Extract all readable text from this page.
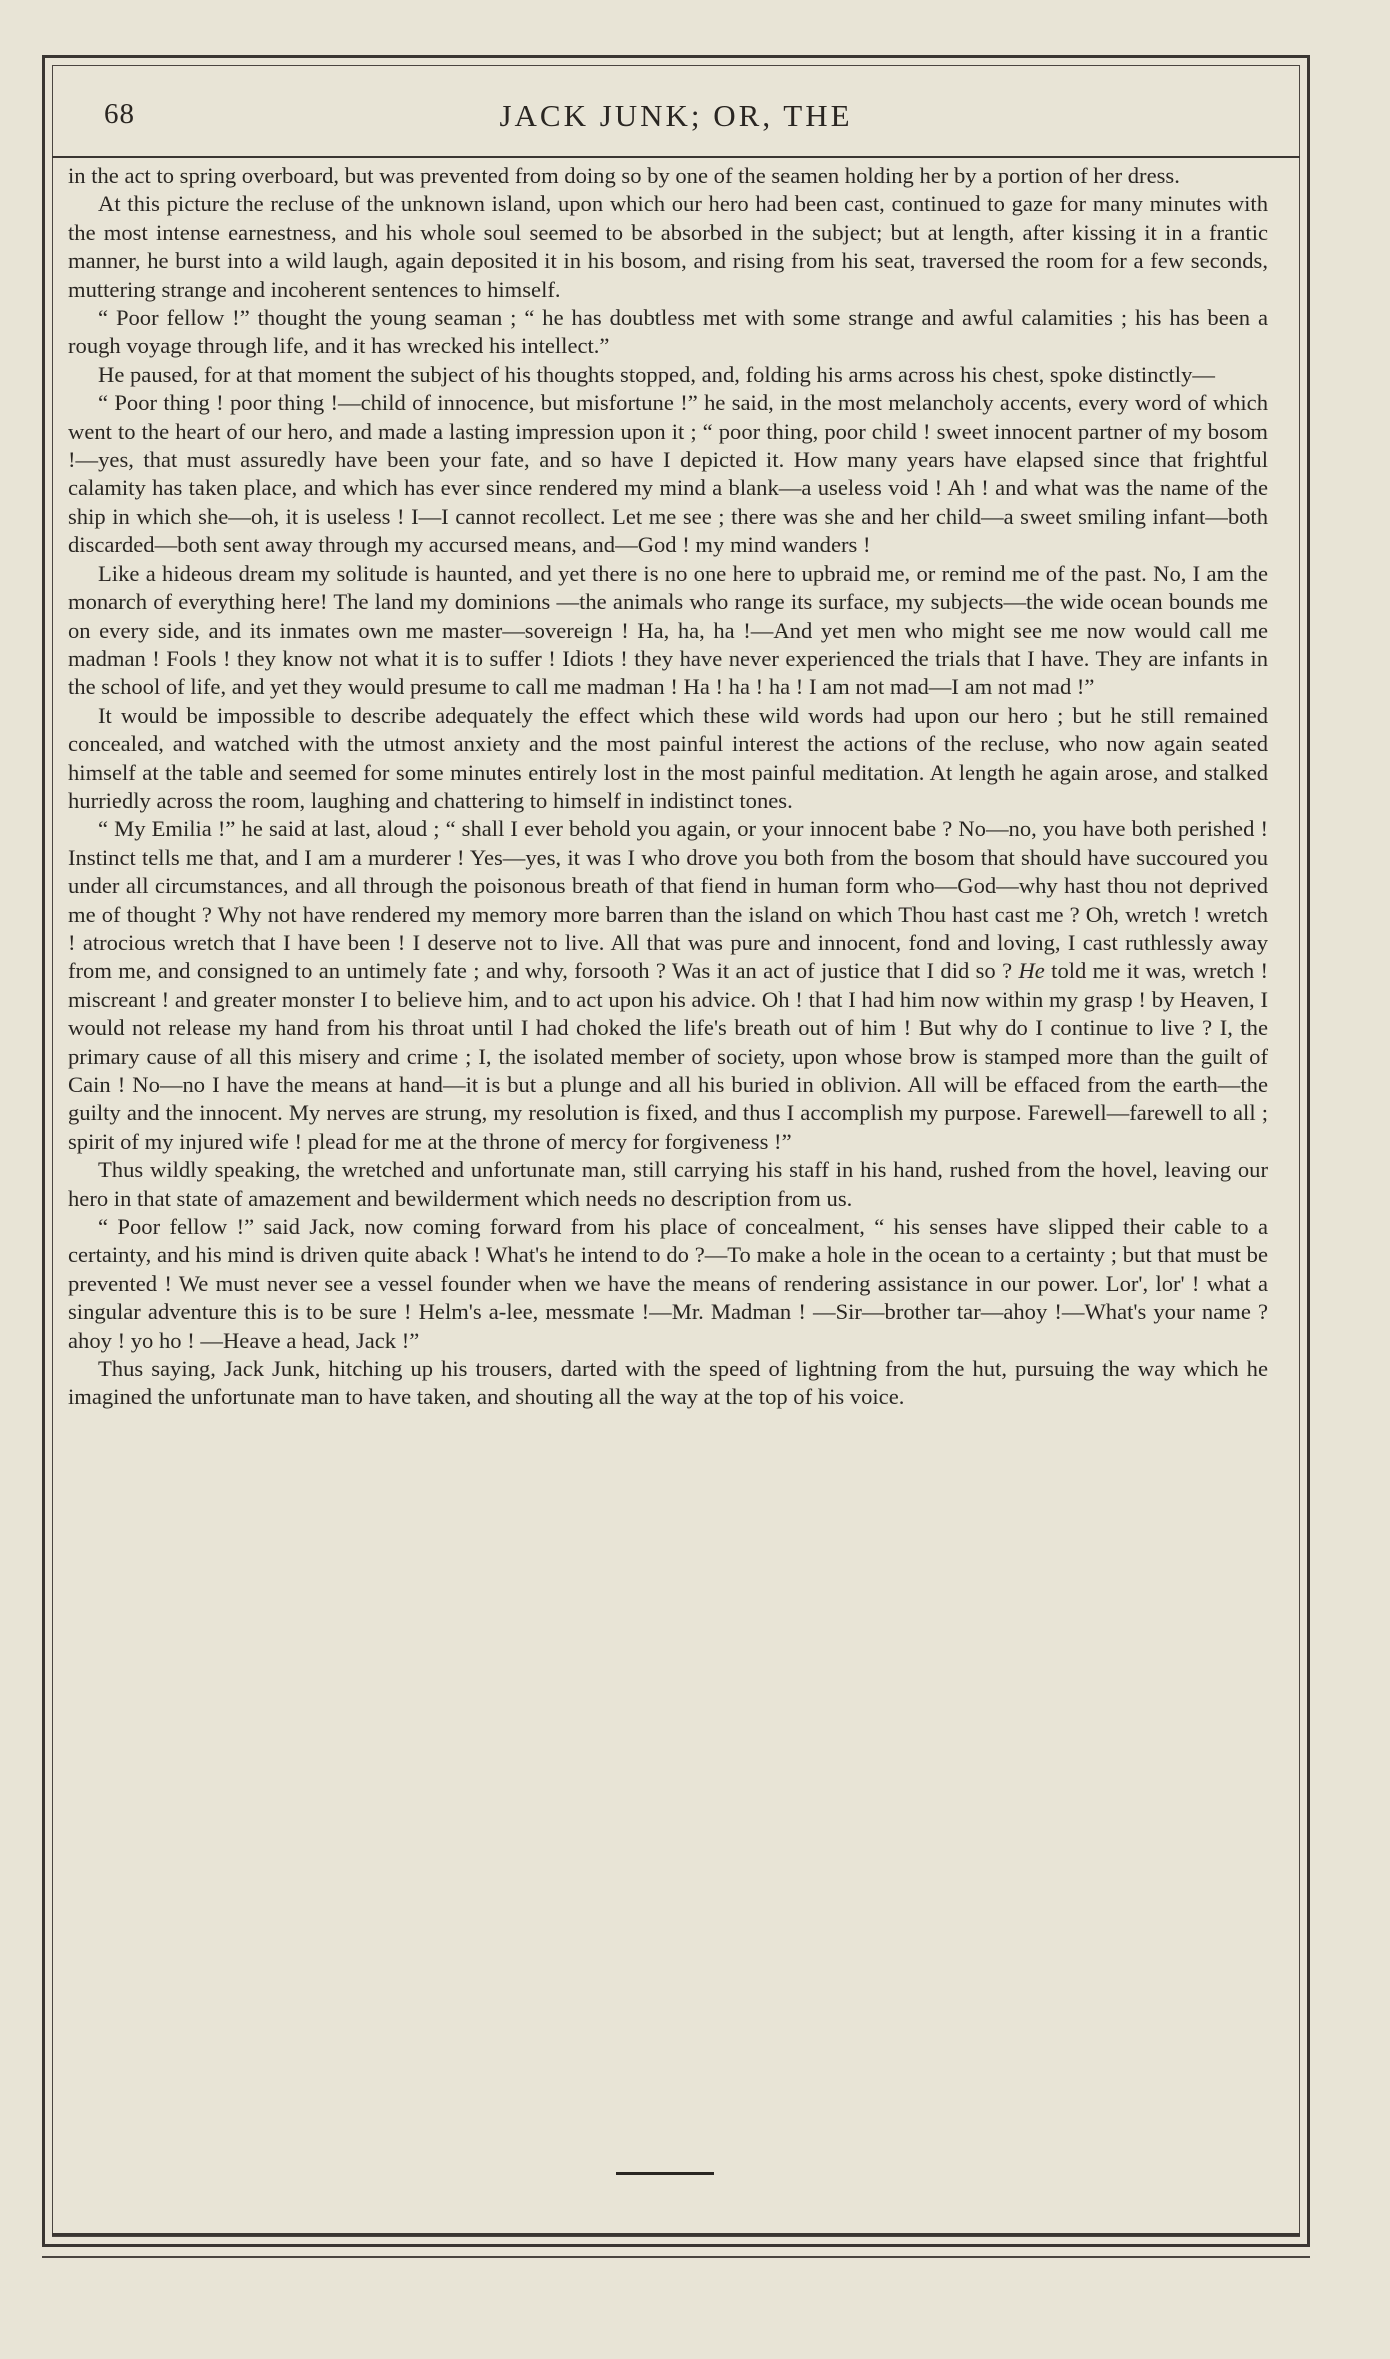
JACK JUNK; OR, THE
68

in the act to spring overboard, but was prevented from doing so by one of the seamen holding her by a portion of her dress.

At this picture the recluse of the unknown island, upon which our hero had been cast, continued to gaze for many minutes with the most intense earnestness, and his whole soul seemed to be absorbed in the subject; but at length, after kissing it in a frantic manner, he burst into a wild laugh, again deposited it in his bosom, and rising from his seat, traversed the room for a few seconds, muttering strange and incoherent sentences to himself.

“ Poor fellow !” thought the young seaman ; “ he has doubtless met with some strange and awful calamities ; his has been a rough voyage through life, and it has wrecked his intellect.”

He paused, for at that moment the subject of his thoughts stopped, and, folding his arms across his chest, spoke distinctly—

“ Poor thing ! poor thing !—child of innocence, but misfortune !” he said, in the most melancholy accents, every word of which went to the heart of our hero, and made a lasting impression upon it ; “ poor thing, poor child ! sweet innocent partner of my bosom !—yes, that must assuredly have been your fate, and so have I depicted it. How many years have elapsed since that frightful calamity has taken place, and which has ever since rendered my mind a blank—a useless void ! Ah ! and what was the name of the ship in which she—oh, it is useless ! I—I cannot recollect. Let me see ; there was she and her child—a sweet smiling infant—both discarded—both sent away through my accursed means, and—God ! my mind wanders !

Like a hideous dream my solitude is haunted, and yet there is no one here to upbraid me, or remind me of the past. No, I am the monarch of everything here! The land my dominions —the animals who range its surface, my subjects—the wide ocean bounds me on every side, and its inmates own me master—sovereign ! Ha, ha, ha !—And yet men who might see me now would call me madman ! Fools ! they know not what it is to suffer ! Idiots ! they have never experienced the trials that I have. They are infants in the school of life, and yet they would presume to call me madman ! Ha ! ha ! ha ! I am not mad—I am not mad !”

It would be impossible to describe adequately the effect which these wild words had upon our hero ; but he still remained concealed, and watched with the utmost anxiety and the most painful interest the actions of the recluse, who now again seated himself at the table and seemed for some minutes entirely lost in the most painful meditation. At length he again arose, and stalked hurriedly across the room, laughing and chattering to himself in indistinct tones.

“ My Emilia !” he said at last, aloud ; “ shall I ever behold you again, or your innocent babe ? No—no, you have both perished ! Instinct tells me that, and I am a murderer ! Yes—yes, it was I who drove you both from the bosom that should have succoured you under all circumstances, and all through the poisonous breath of that fiend in human form who—God—why hast thou not deprived me of thought ? Why not have rendered my memory more barren than the island on which Thou hast cast me ? Oh, wretch ! wretch ! atrocious wretch that I have been ! I deserve not to live. All that was pure and innocent, fond and loving, I cast ruthlessly away from me, and consigned to an untimely fate ; and why, forsooth ? Was it an act of justice that I did so ? He told me it was, wretch ! miscreant ! and greater monster I to believe him, and to act upon his advice. Oh ! that I had him now within my grasp ! by Heaven, I would not release my hand from his throat until I had choked the life's breath out of him ! But why do I continue to live ? I, the primary cause of all this misery and crime ; I, the isolated member of society, upon whose brow is stamped more than the guilt of Cain ! No—no I have the means at hand—it is but a plunge and all his buried in oblivion. All will be effaced from the earth—the guilty and the innocent. My nerves are strung, my resolution is fixed, and thus I accomplish my purpose. Farewell—farewell to all ; spirit of my injured wife ! plead for me at the throne of mercy for forgiveness !”

Thus wildly speaking, the wretched and unfortunate man, still carrying his staff in his hand, rushed from the hovel, leaving our hero in that state of amazement and bewilderment which needs no description from us.

“ Poor fellow !” said Jack, now coming forward from his place of concealment, “ his senses have slipped their cable to a certainty, and his mind is driven quite aback ! What's he intend to do ?—To make a hole in the ocean to a certainty ; but that must be prevented ! We must never see a vessel founder when we have the means of rendering assistance in our power. Lor', lor' ! what a singular adventure this is to be sure ! Helm's a-lee, messmate !—Mr. Madman ! —Sir—brother tar—ahoy !—What's your name ? ahoy ! yo ho ! —Heave a head, Jack !”

Thus saying, Jack Junk, hitching up his trousers, darted with the speed of lightning from the hut, pursuing the way which he imagined the unfortunate man to have taken, and shouting all the way at the top of his voice.
